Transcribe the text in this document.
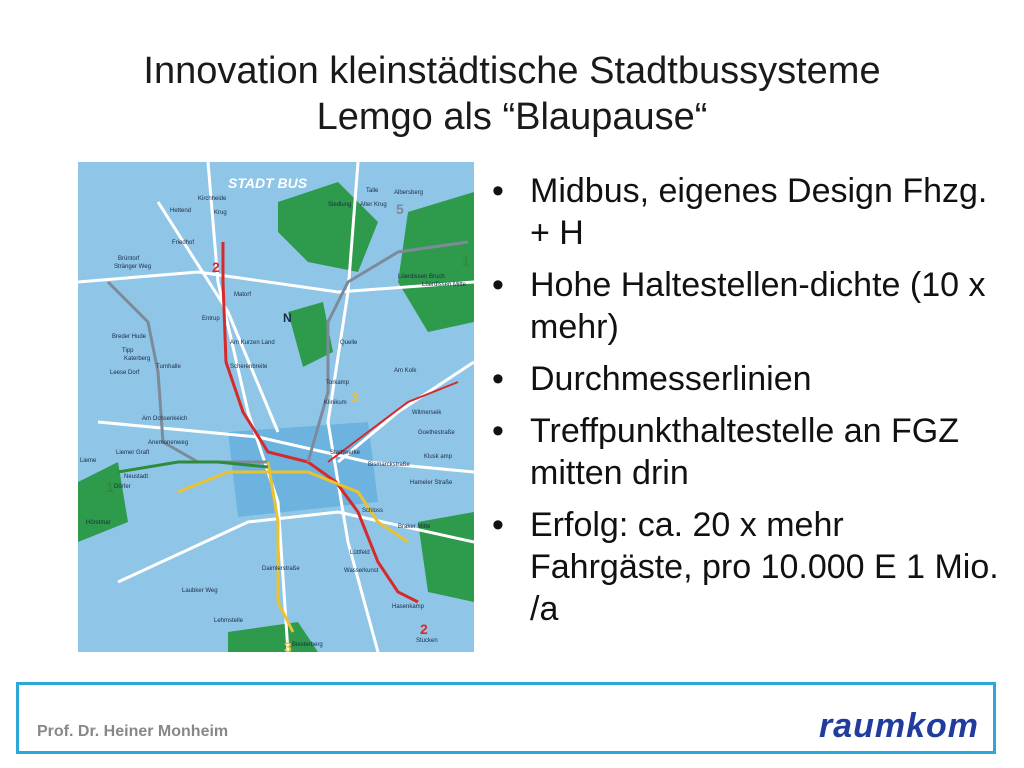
Innovation kleinstädtische Stadtbussysteme
Lemgo als “Blaupause“
STADT BUS
N
2
5
1
3
3
2
1
Kirchheide
Hettend	Krug
Friedhof
Brüntorf
Stränger Weg
Matorf
Entrup
Breder Hude
Tipp
Katerberg
Turnhalle
Leese Dorf
Am Kurzen Land
Scherenbreite
Am Ochsenkeich
Anemonenweg
Liemer Graft
Neustadt
Dörfer
Lieme
Klinikum
Torkamp
Quelle
Lüerdissen Mitte
Lüerdissen Bruch
Siedlung Alter Krug
Talle	Albersberg
Stadtwerke
Bismarckstraße
Hameler Straße
Schloss
Braker Mitte
Hasenkamp
Stucken
Lehmstelle
Biesterberg
Laubker Weg
Hörstmar
Daimlerstraße	Wasserkunst
Lüttfeld
Am Kolk
Wilmerseik
Goethestraße
Klusk amp
• Midbus, eigenes Design Fhzg. + H
• Hohe Haltestellen-dichte (10 x mehr)
• Durchmesserlinien
• Treffpunkthaltestelle an FGZ mitten drin
• Erfolg: ca. 20 x mehr Fahrgäste, pro 10.000 E 1 Mio. /a
Prof. Dr. Heiner Monheim	raumkom
